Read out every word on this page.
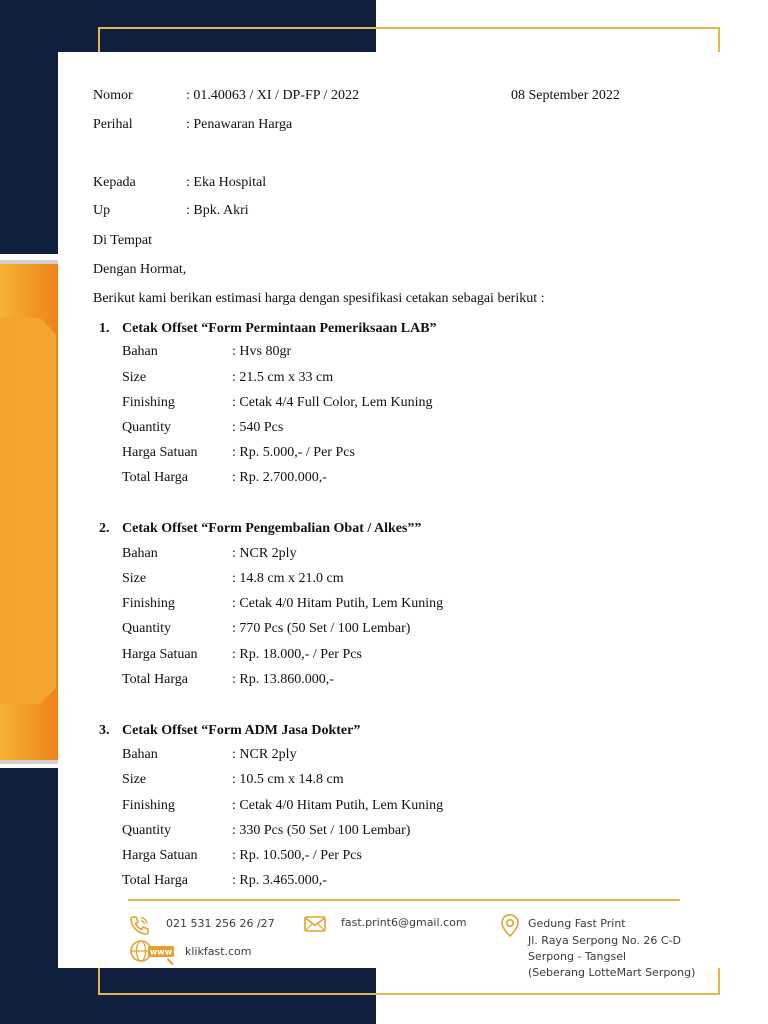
Nomor	: 01.40063 / XI / DP-FP / 2022	08 September 2022
Perihal	: Penawaran Harga
Kepada	: Eka Hospital
Up	: Bpk. Akri
Di Tempat
Dengan Hormat,
Berikut kami berikan estimasi harga dengan spesifikasi cetakan sebagai berikut :
1. Cetak Offset “Form Permintaan Pemeriksaan LAB”
Bahan	: Hvs 80gr
Size	: 21.5 cm x 33 cm
Finishing	: Cetak 4/4 Full Color, Lem Kuning
Quantity	: 540 Pcs
Harga Satuan : Rp. 5.000,- / Per Pcs
Total Harga	: Rp. 2.700.000,-
2. Cetak Offset “Form Pengembalian Obat / Alkes””
Bahan	: NCR 2ply
Size	: 14.8 cm x 21.0 cm
Finishing	: Cetak 4/0 Hitam Putih, Lem Kuning
Quantity	: 770 Pcs (50 Set / 100 Lembar)
Harga Satuan : Rp. 18.000,- / Per Pcs
Total Harga	: Rp. 13.860.000,-
3. Cetak Offset “Form ADM Jasa Dokter”
Bahan	: NCR 2ply
Size	: 10.5 cm x 14.8 cm
Finishing	: Cetak 4/0 Hitam Putih, Lem Kuning
Quantity	: 330 Pcs (50 Set / 100 Lembar)
Harga Satuan : Rp. 10.500,- / Per Pcs
Total Harga	: Rp. 3.465.000,-
021 531 256 26 /27	fast.print6@gmail.com	Gedung Fast Print
Jl. Raya Serpong No. 26 C-D
Serpong - Tangsel
(Seberang LotteMart Serpong)
www klikfast.com
